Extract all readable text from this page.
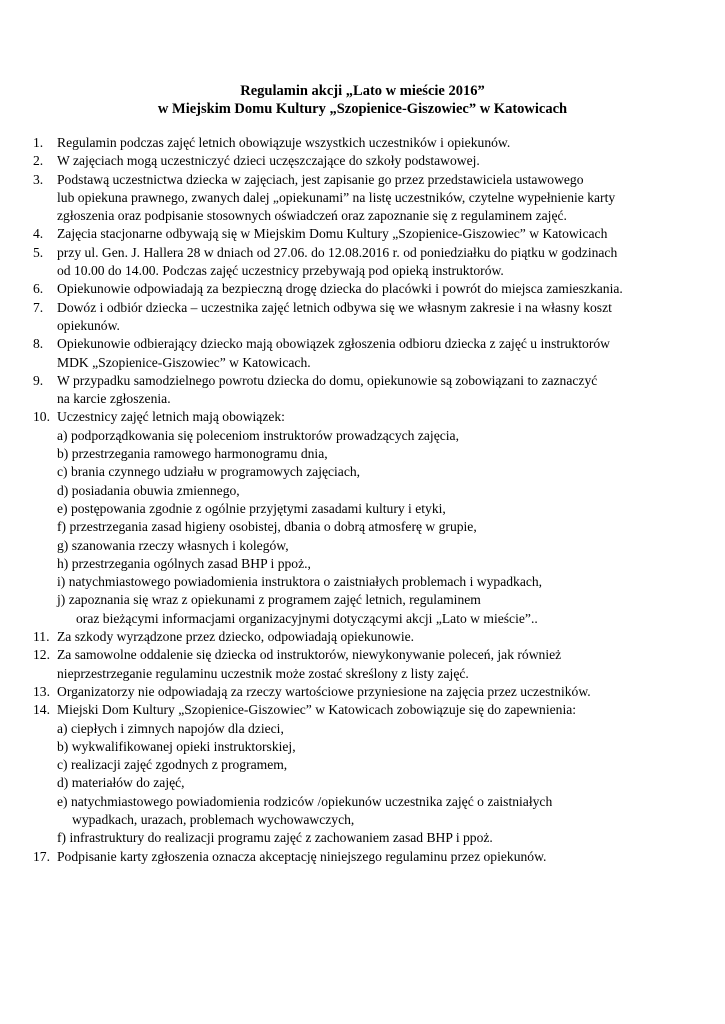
Regulamin akcji „Lato w mieście 2016”
w Miejskim Domu Kultury „Szopienice-Giszowiec” w Katowicach
1. Regulamin podczas zajęć letnich obowiązuje wszystkich uczestników i opiekunów.
2. W zajęciach mogą uczestniczyć dzieci uczęszczające do szkoły podstawowej.
3. Podstawą uczestnictwa dziecka w zajęciach, jest zapisanie go przez przedstawiciela ustawowego
lub opiekuna prawnego, zwanych dalej „opiekunami” na listę uczestników, czytelne wypełnienie karty
zgłoszenia oraz podpisanie stosownych oświadczeń oraz zapoznanie się z regulaminem zajęć.
4. Zajęcia stacjonarne odbywają się w Miejskim Domu Kultury „Szopienice-Giszowiec” w Katowicach
5. przy ul. Gen. J. Hallera 28 w dniach od 27.06. do 12.08.2016 r. od poniedziałku do piątku w godzinach
od 10.00 do 14.00. Podczas zajęć uczestnicy przebywają pod opieką instruktorów.
6. Opiekunowie odpowiadają za bezpieczną drogę dziecka do placówki i powrót do miejsca zamieszkania.
7. Dowóz i odbiór dziecka – uczestnika zajęć letnich odbywa się we własnym zakresie i na własny koszt
opiekunów.
8. Opiekunowie odbierający dziecko mają obowiązek zgłoszenia odbioru dziecka z zajęć u instruktorów
MDK „Szopienice-Giszowiec” w Katowicach.
9. W przypadku samodzielnego powrotu dziecka do domu, opiekunowie są zobowiązani to zaznaczyć
na karcie zgłoszenia.
10. Uczestnicy zajęć letnich mają obowiązek:
a) podporządkowania się poleceniom instruktorów prowadzących zajęcia,
b) przestrzegania ramowego harmonogramu dnia,
c) brania czynnego udziału w programowych zajęciach,
d) posiadania obuwia zmiennego,
e) postępowania zgodnie z ogólnie przyjętymi zasadami kultury i etyki,
f) przestrzegania zasad higieny osobistej, dbania o dobrą atmosferę w grupie,
g) szanowania rzeczy własnych i kolegów,
h) przestrzegania ogólnych zasad BHP i ppoż.,
i) natychmiastowego powiadomienia instruktora o zaistniałych problemach i wypadkach,
j) zapoznania się wraz z opiekunami z programem zajęć letnich, regulaminem
oraz bieżącymi informacjami organizacyjnymi dotyczącymi akcji „Lato w mieście”..
11. Za szkody wyrządzone przez dziecko, odpowiadają opiekunowie.
12. Za samowolne oddalenie się dziecka od instruktorów, niewykonywanie poleceń, jak również
nieprzestrzeganie regulaminu uczestnik może zostać skreślony z listy zajęć.
13. Organizatorzy nie odpowiadają za rzeczy wartościowe przyniesione na zajęcia przez uczestników.
14. Miejski Dom Kultury „Szopienice-Giszowiec” w Katowicach zobowiązuje się do zapewnienia:
a) ciepłych i zimnych napojów dla dzieci,
b) wykwalifikowanej opieki instruktorskiej,
c) realizacji zajęć zgodnych z programem,
d) materiałów do zajęć,
e) natychmiastowego powiadomienia rodziców /opiekunów uczestnika zajęć o zaistniałych
wypadkach, urazach, problemach wychowawczych,
f) infrastruktury do realizacji programu zajęć z zachowaniem zasad BHP i ppoż.
17. Podpisanie karty zgłoszenia oznacza akceptację niniejszego regulaminu przez opiekunów.
